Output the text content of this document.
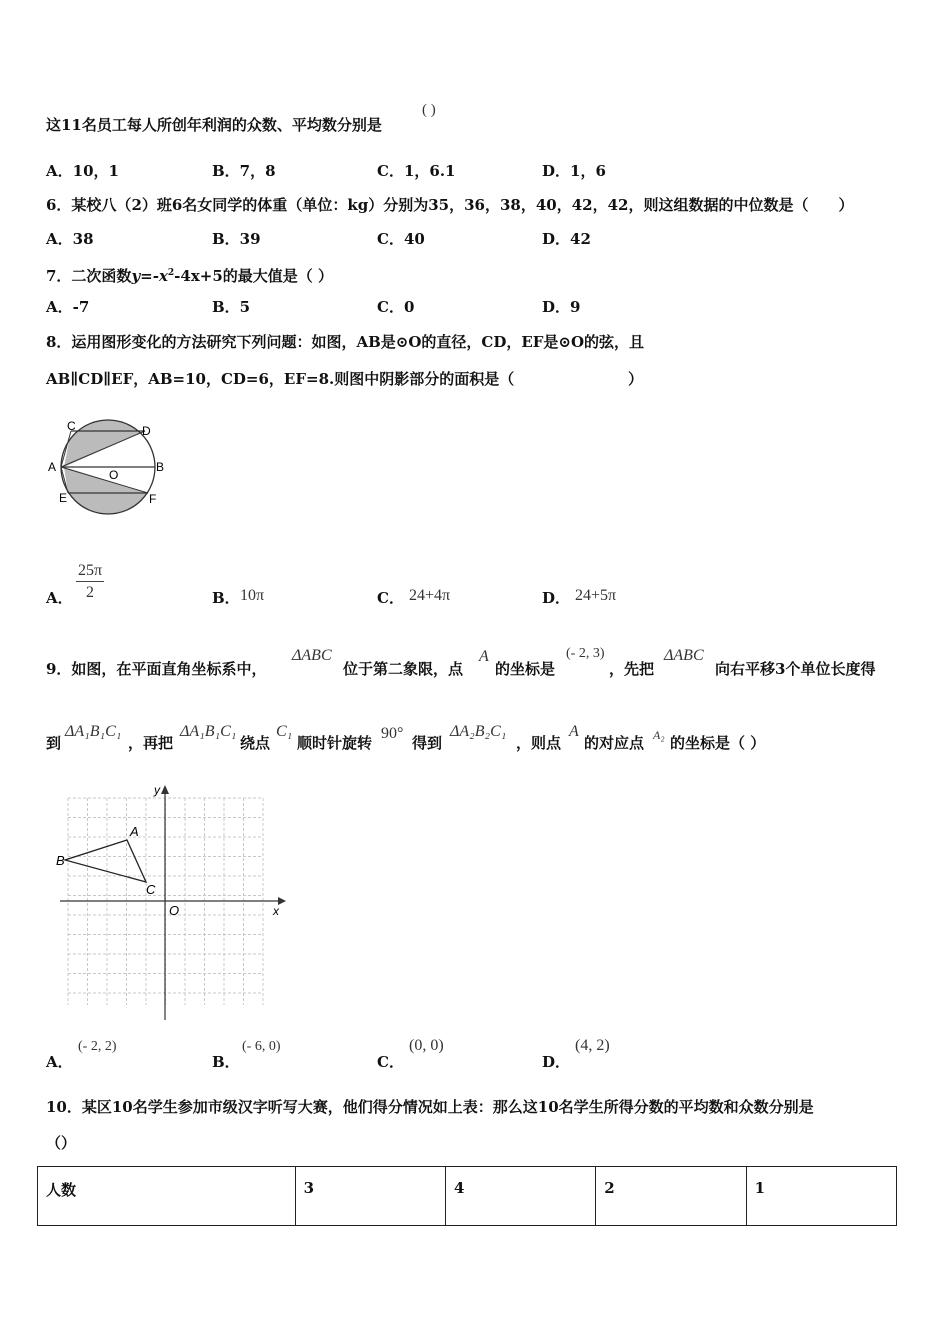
这11名员工每人所创年利润的众数、平均数分别是
( )
A．10，1	B．7，8	C．1，6.1	D．1，6
6．某校八（2）班6名女同学的体重（单位：kg）分别为35，36，38，40，42，42，则这组数据的中位数是（　　）
A．38	B．39	C．40	D．42
7．二次函数$y=-x^2-4x+5$的最大值是（ ）
A．-7	B．5	C．0	D．9
8．运用图形变化的方法研究下列问题：如图，AB是⊙O的直径，CD，EF是⊙O的弦，且
AB∥CD∥EF，AB=10，CD=6，EF=8.则图中阴影部分的面积是（	）
C	D
A
O
B
E	F
A． $\frac{25\pi}{2}$	B． 10π	C． 24+4π	D． 24+5π
9．如图，在平面直角坐标系中，
ΔABC
位于第二象限，点
A
的坐标是
(- 2, 3)
，先把
ΔABC
向右平移3个单位长度得
到
ΔA₁B₁C₁
，再把
ΔA₁B₁C₁
绕点
C₁
顺时针旋转
90°
得到
ΔA₂B₂C₁
，则点
A
的对应点 A₂ 的坐标是（ ）
y
A
B
C
O	x
A．
(- 2, 2)
B．
(- 6, 0)
C．
(0, 0)
D．
(4, 2)
10．某区10名学生参加市级汉字听写大赛，他们得分情况如上表：那么这10名学生所得分数的平均数和众数分别是
（）
人数	3	4	2	1
